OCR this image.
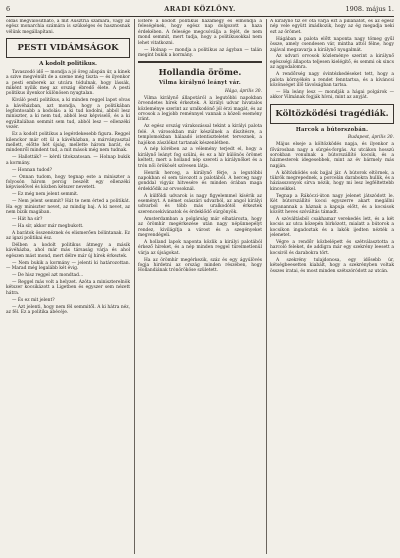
6	ARADI KÖZLÖNY.	1908. május 1.

oldás megvalósítható, a mit Ausztria számára, vagy az egész monarchia számára is szükséges és hasznosnak vélünk megállapítani.

PESTI VIDÁMSÁGOK
A kodolt politikus.

Tavaszodó idő — mondja a jó öreg alispán úr, a kinek a szive megvénült de a szeme még tiszta — és ilyenkor a pesti emberek az utcára tódulnak, hogy lássák, miként nyílik meg az ország ébredő élete. A pesti politikus ilyenkor különösen nyugtalan.

Kiváló pesti politikus, a ki minden reggel lapot olvas a kávéházban, azt mondja, hogy a politikában legfontosabb a kodolás: a ki tud kodolni, abból lesz miniszter, a ki nem tud, abból lesz képviselő, és a ki egyáltalában semmit sem tud, abból lesz — ellenzéki vezér.

Ez a kodolt politikus a legérdekesebb figura. Reggel kilenckor már ott ül a kávéházban, a márványasztal mellett, előtte hét újság, mellette három barát, és mindenről mindent tud, a mit mások még nem tudnak.

— Hallották? — kérdi titokzatosan. — Holnap bukik a kormány.

— Honnan tudod?

— Onnan tudom, hogy tegnap este a miniszter a folyosón három percig beszélt egy ellenzéki képviselővel és közben kétszer nevetett.

— Ez még nem jelent semmit.

— Nem jelent semmit? Hát te nem érted a politikát. Ha egy miniszter nevet, az mindig baj. A ki nevet, az nem bízik magában.

— Hát ha sír?

— Ha sír, akkor már megbukott.

A barátok összenéznek és elismerően bólintanak. Ez az igazi politikai ész.

Délben a kodolt politikus átmegy a másik kávéházba, ahol már más társaság várja és ahol egészen mást mond, mert délre már új hírek érkeztek.

— Nem bukik a kormány — jelenti ki határozottan. — Marad még legalább két évig.

— De hisz reggel azt mondtad...

— Reggel más volt a helyzet. Azóta a miniszterelnök kétszer kocsikázott a Ligetben és egyszer sem nézett hátra.

— És ez mit jelent?

— Azt jelenti, hogy nem fél semmitől. A ki hátra néz, az fél. Ez a politika ábécéje.

Estére a kodolt politikus hazamegy és elmondja a feleségének, hogy egész nap dolgozott a haza érdekében. A felesége megcsóválja a fejét, de nem mond semmit, mert tudja, hogy a politikusokkal nem lehet vitatkozni.

— Holnap — mondja a politikus az ágyban — talán megint bukik a kormány.

Hollandia öröme.
Vilma királynő leányt vár.
Hága, április 30.

Vilma királynő állapotáról a legutóbbi napokban örvendetes hírek érkeztek. A királyi udvar hivatalos közleménye szerint az uralkodónő jól érzi magát, és az orvosok a legjobb reménnyel vannak a közeli esemény iránt.

Az egész ország várakozással tekint a királyi palota felé. A városokban már készülnek a díszítésre, a templomokban hálaadó istentiszteletet terveznek, a hajókon zászlókat tartanak készenlétben.

A nép körében az a vélemény terjedt el, hogy a királynő leányt fog szülni, és ez a hír különös örömet keltett, mert a holland nép szereti a királynőket és a trón női örökösét szívesen látja.

Henrik herceg, a királynő férje, a legutóbbi napokban el sem távozott a palotából. A herceg nagy gonddal vigyáz hitvesére és minden órában maga érdeklődik az orvosoknál.

A külföldi udvarok is nagy figyelemmel kísérik az eseményt. A német császári udvarból, az angol királyi udvarból és több más uralkodótól érkeztek szerencsekívánatok és érdeklődő sürgönyök.

Amsterdamban a polgárság már elhatározta, hogy az örömhír megérkezése után nagy népünnepélyt rendez, kivilágítja a várost és a szegényeket megvendégeli.

A holland lapok naponta közlik a királyi palotából érkező híreket, és a nép minden reggel türelmetlenül várja az újságokat.

Ha az örömhír megérkezik, száz és egy ágyúlövés fogja hirdetni az ország minden részében, hogy Hollandiának trónörököse született.

A királynő tíz év óta várja ezt a pillanatot, és az egész nép vele együtt imádkozik, hogy az ég megadja neki ezt az örömet.

Hágában a palota előtt naponta nagy tömeg gyűl össze, amely csendesen vár, mintha attól félne, hogy zajával megzavarja a királynő nyugalmát.

Az udvari orvosok közleménye szerint a királynő egészségi állapota teljesen kielégítő, és semmi ok sincs az aggodalomra.

A rendőrség nagy óvintézkedéseket tett, hogy a palota környékén a rendet fenntartsa, és a kíváncsi közönséget illő távolságban tartsa.

— Ha leány lesz — mondják a hágai polgárok — akkor Vilmának fogják hívni, mint az anyját.

Költözködési tragédiák.
Harcok a bútorszobán.
Budapest, április 30.

Május elseje a költözködés napja, és ilyenkor a fővárosban nagy a sürgés-forgás. Az utcákon hosszú sorokban vonulnak a bútorszállító kocsik, és a házmesterek idegesebbek, mint az év bármely más napján.

A költözködés sok bajjal jár. A bútorok eltörnek, a tükrök megrepednek, a porcelán darabokra hullik, és a háziasszonyok sírva nézik, hogy mi lesz legféltettebb kincseikkel.

Tegnap a Rákóczi-úton nagy jelenet játszódott le. Két bútorszállító kocsi egyszerre akart megállni ugyanannak a háznak a kapuja előtt, és a kocsisok között heves szóváltás támadt.

A szóváltásból csakhamar verekedés lett, és a két kocsis az utca közepén birkózott, mialatt a bútorok a kocsikon ingadoztak és a lakók ijedten nézték a jelenetet.

Végre a rendőr közbelépett és szétválasztotta a harcoló feleket, de addigra már egy szekrény leesett a kocsiról és darabokra tört.

A szekrény tulajdonosa, egy idősebb úr, kétségbeesetten kiabált, hogy a szekrényben voltak összes iratai, és most minden szétszóródott az utcán.
